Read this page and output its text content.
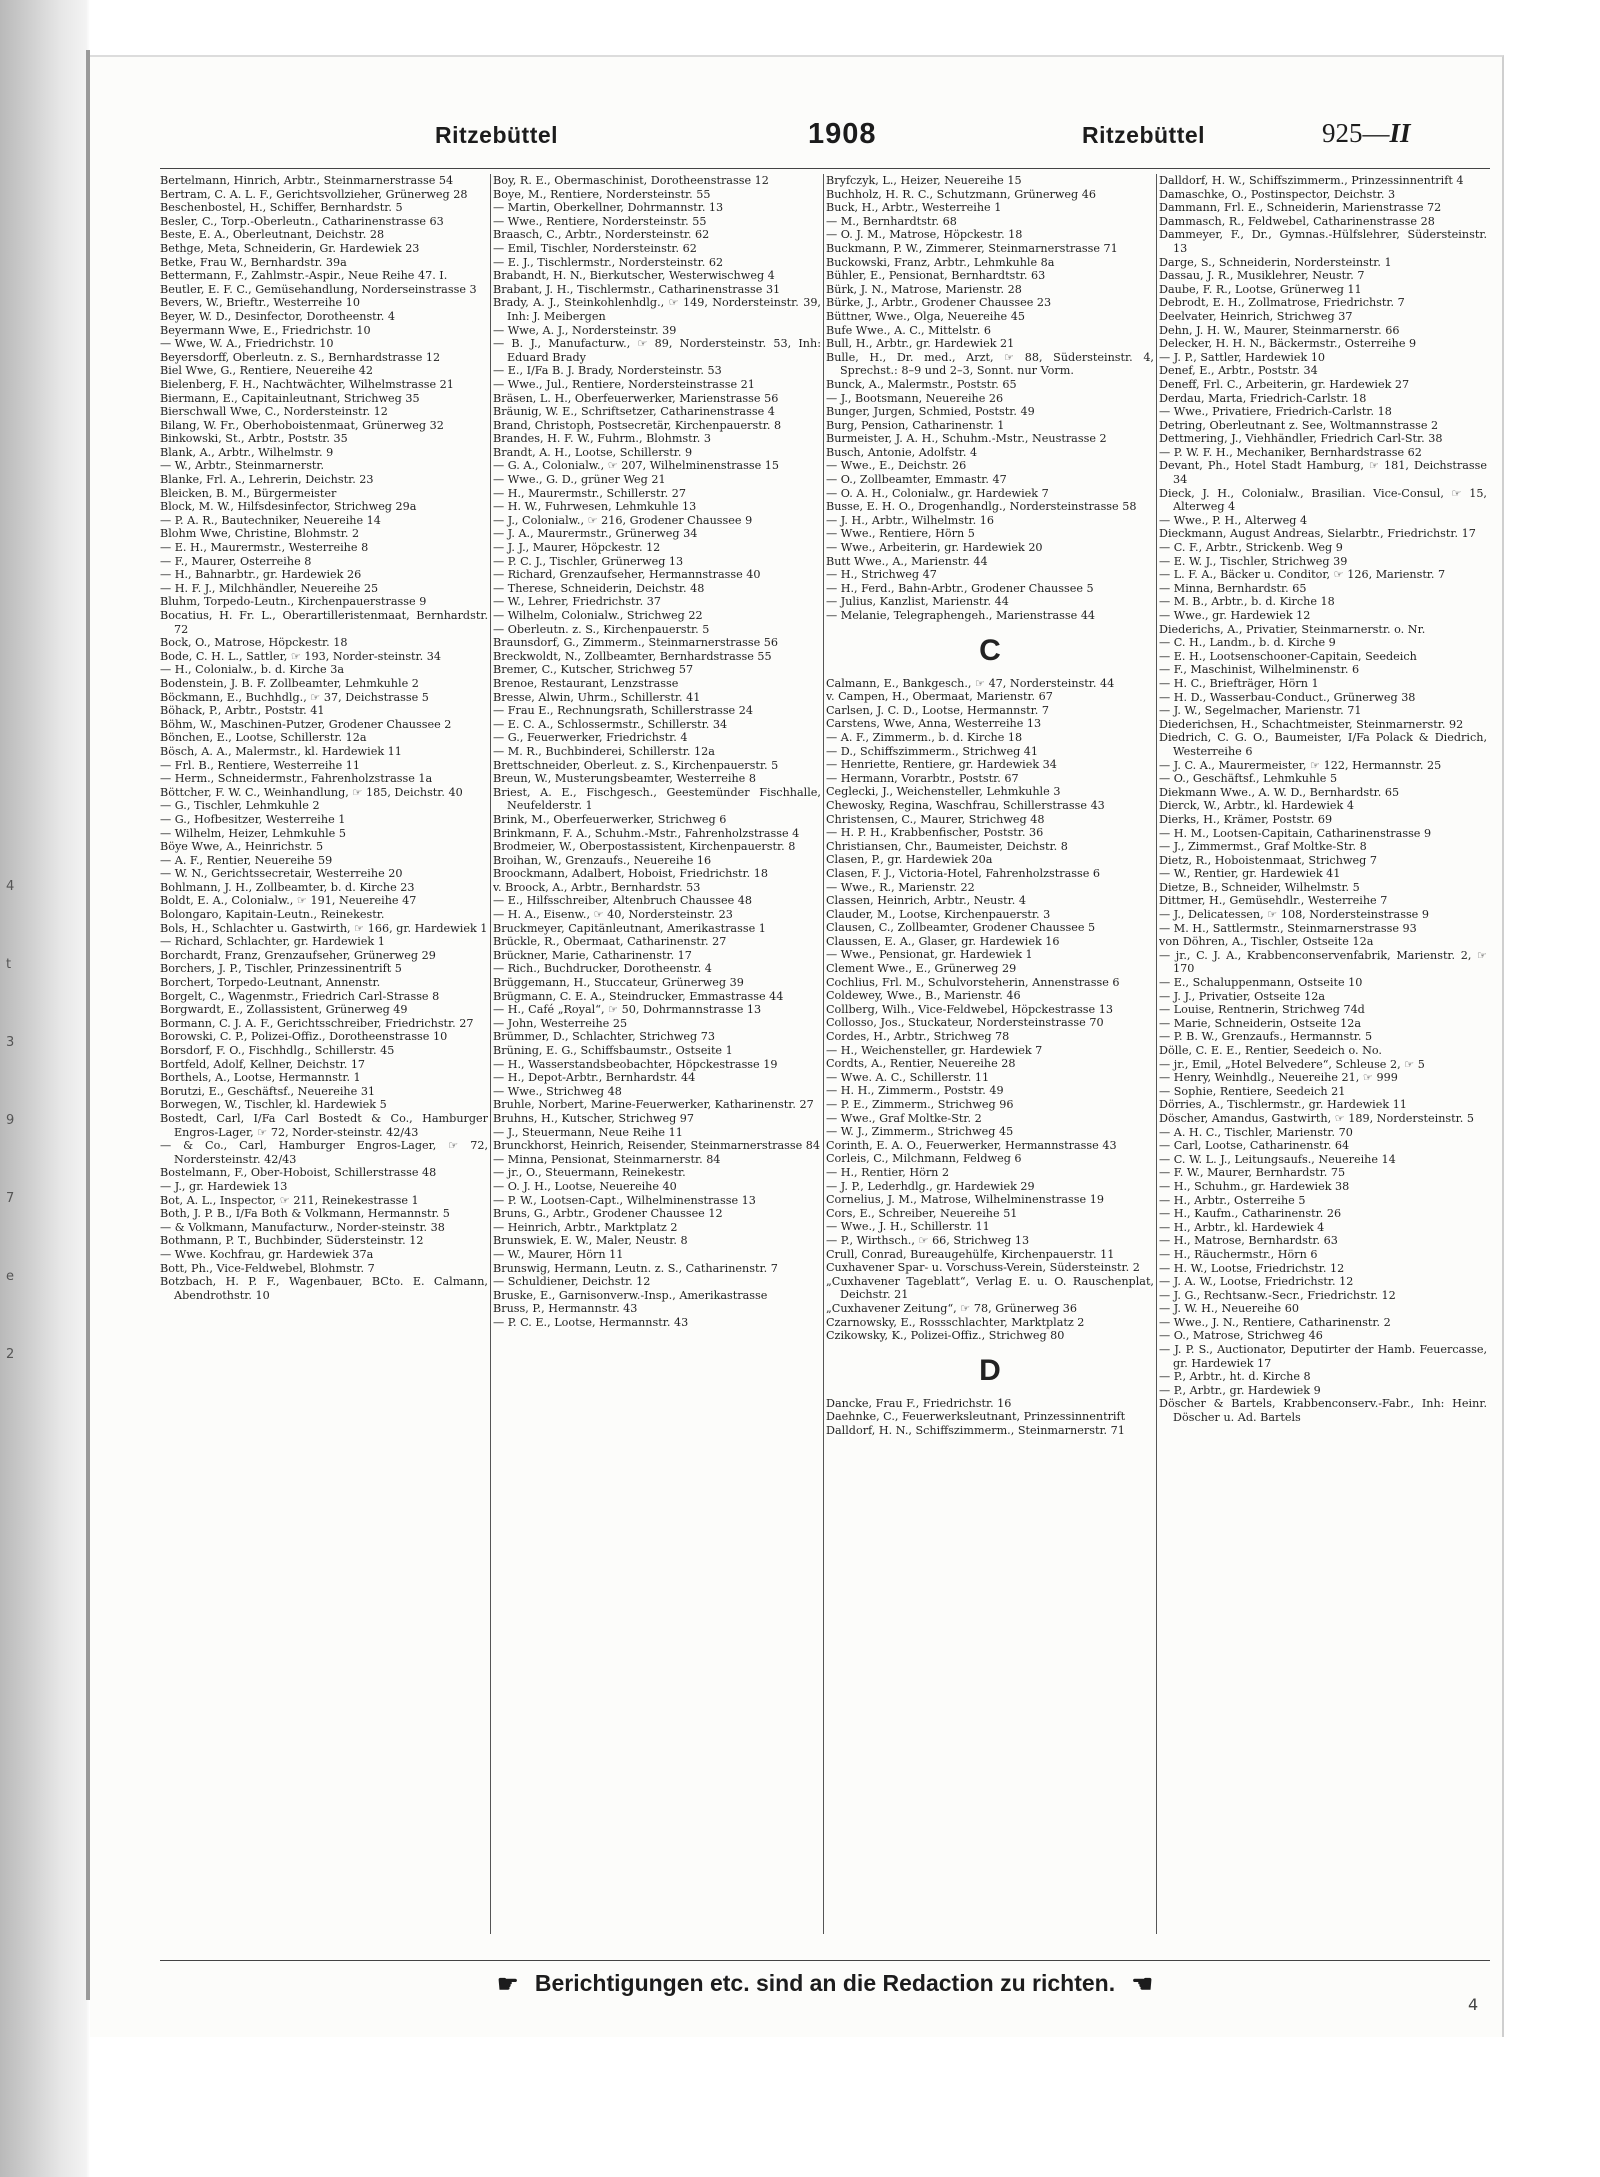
4
t
3
9
7
e
2
Ritzebüttel	1908	Ritzebüttel	925—II

Bertelmann, Hinrich, Arbtr., Steinmarnerstrasse 54

Bertram, C. A. L. F., Gerichtsvollzieher, Grünerweg 28

Beschenbostel, H., Schiffer, Bernhardstr. 5

Besler, C., Torp.-Oberleutn., Catharinenstrasse 63

Beste, E. A., Oberleutnant, Deichstr. 28

Bethge, Meta, Schneiderin, Gr. Hardewiek 23

Betke, Frau W., Bernhardstr. 39a

Bettermann, F., Zahlmstr.-Aspir., Neue Reihe 47. I.

Beutler, E. F. C., Gemüsehandlung, Norderseinstrasse 3

Bevers, W., Brieftr., Westerreihe 10

Beyer, W. D., Desinfector, Dorotheenstr. 4

Beyermann Wwe, E., Friedrichstr. 10

— Wwe, W. A., Friedrichstr. 10

Beyersdorff, Oberleutn. z. S., Bernhardstrasse 12

Biel Wwe, G., Rentiere, Neuereihe 42

Bielenberg, F. H., Nachtwächter, Wilhelmstrasse 21

Biermann, E., Capitainleutnant, Strichweg 35

Bierschwall Wwe, C., Nordersteinstr. 12

Bilang, W. Fr., Oberhoboistenmaat, Grünerweg 32

Binkowski, St., Arbtr., Poststr. 35

Blank, A., Arbtr., Wilhelmstr. 9

— W., Arbtr., Steinmarnerstr.

Blanke, Frl. A., Lehrerin, Deichstr. 23

Bleicken, B. M., Bürgermeister

Block, M. W., Hilfsdesinfector, Strichweg 29a

— P. A. R., Bautechniker, Neuereihe 14

Blohm Wwe, Christine, Blohmstr. 2

— E. H., Maurermstr., Westerreihe 8

— F., Maurer, Osterreihe 8

— H., Bahnarbtr., gr. Hardewiek 26

— H. F. J., Milchhändler, Neuereihe 25

Bluhm, Torpedo-Leutn., Kirchenpauerstrasse 9

Bocatius, H. Fr. L., Oberartilleristenmaat, Bernhardstr. 72

Bock, O., Matrose, Höpckestr. 18

Bode, C. H. L., Sattler, ☞ 193, Norder-steinstr. 34

— H., Colonialw., b. d. Kirche 3a

Bodenstein, J. B. F. Zollbeamter, Lehmkuhle 2

Böckmann, E., Buchhdlg., ☞ 37, Deichstrasse 5

Böhack, P., Arbtr., Poststr. 41

Böhm, W., Maschinen-Putzer, Grodener Chaussee 2

Bönchen, E., Lootse, Schillerstr. 12a

Bösch, A. A., Malermstr., kl. Hardewiek 11

— Frl. B., Rentiere, Westerreihe 11

— Herm., Schneidermstr., Fahrenholzstrasse 1a

Böttcher, F. W. C., Weinhandlung, ☞ 185, Deichstr. 40

— G., Tischler, Lehmkuhle 2

— G., Hofbesitzer, Westerreihe 1

— Wilhelm, Heizer, Lehmkuhle 5

Böye Wwe, A., Heinrichstr. 5

— A. F., Rentier, Neuereihe 59

— W. N., Gerichtssecretair, Westerreihe 20

Bohlmann, J. H., Zollbeamter, b. d. Kirche 23

Boldt, E. A., Colonialw., ☞ 191, Neuereihe 47

Bolongaro, Kapitain-Leutn., Reinekestr.

Bols, H., Schlachter u. Gastwirth, ☞ 166, gr. Hardewiek 1

— Richard, Schlachter, gr. Hardewiek 1

Borchardt, Franz, Grenzaufseher, Grünerweg 29

Borchers, J. P., Tischler, Prinzessinentrift 5

Borchert, Torpedo-Leutnant, Annenstr.

Borgelt, C., Wagenmstr., Friedrich Carl-Strasse 8

Borgwardt, E., Zollassistent, Grünerweg 49

Bormann, C. J. A. F., Gerichtsschreiber, Friedrichstr. 27

Borowski, C. P., Polizei-Offiz., Dorotheenstrasse 10

Borsdorf, F. O., Fischhdlg., Schillerstr. 45

Bortfeld, Adolf, Kellner, Deichstr. 17

Borthels, A., Lootse, Hermannstr. 1

Borutzi, E., Geschäftsf., Neuereihe 31

Borwegen, W., Tischler, kl. Hardewiek 5

Bostedt, Carl, I/Fa Carl Bostedt & Co., Hamburger Engros-Lager, ☞ 72, Norder-steinstr. 42/43

— & Co., Carl, Hamburger Engros-Lager, ☞ 72, Nordersteinstr. 42/43

Bostelmann, F., Ober-Hoboist, Schillerstrasse 48

— J., gr. Hardewiek 13

Bot, A. L., Inspector, ☞ 211, Reinekestrasse 1

Both, J. P. B., I/Fa Both & Volkmann, Hermannstr. 5

— & Volkmann, Manufacturw., Norder-steinstr. 38

Bothmann, P. T., Buchbinder, Südersteinstr. 12

— Wwe. Kochfrau, gr. Hardewiek 37a

Bott, Ph., Vice-Feldwebel, Blohmstr. 7

Botzbach, H. P. F., Wagenbauer, BCto. E. Calmann, Abendrothstr. 10

Boy, R. E., Obermaschinist, Dorotheenstrasse 12

Boye, M., Rentiere, Nordersteinstr. 55

— Martin, Oberkellner, Dohrmannstr. 13

— Wwe., Rentiere, Nordersteinstr. 55

Braasch, C., Arbtr., Nordersteinstr. 62

— Emil, Tischler, Nordersteinstr. 62

— E. J., Tischlermstr., Nordersteinstr. 62

Brabandt, H. N., Bierkutscher, Westerwischweg 4

Brabant, J. H., Tischlermstr., Catharinenstrasse 31

Brady, A. J., Steinkohlenhdlg., ☞ 149, Nordersteinstr. 39, Inh: J. Meibergen

— Wwe, A. J., Nordersteinstr. 39

— B. J., Manufacturw., ☞ 89, Nordersteinstr. 53, Inh: Eduard Brady

— E., I/Fa B. J. Brady, Nordersteinstr. 53

— Wwe., Jul., Rentiere, Nordersteinstrasse 21

Bräsen, L. H., Oberfeuerwerker, Marienstrasse 56

Bräunig, W. E., Schriftsetzer, Catharinenstrasse 4

Brand, Christoph, Postsecretär, Kirchenpauerstr. 8

Brandes, H. F. W., Fuhrm., Blohmstr. 3

Brandt, A. H., Lootse, Schillerstr. 9

— G. A., Colonialw., ☞ 207, Wilhelminenstrasse 15

— Wwe., G. D., grüner Weg 21

— H., Maurermstr., Schillerstr. 27

— H. W., Fuhrwesen, Lehmkuhle 13

— J., Colonialw., ☞ 216, Grodener Chaussee 9

— J. A., Maurermstr., Grünerweg 34

— J. J., Maurer, Höpckestr. 12

— P. C. J., Tischler, Grünerweg 13

— Richard, Grenzaufseher, Hermannstrasse 40

— Therese, Schneiderin, Deichstr. 48

— W., Lehrer, Friedrichstr. 37

— Wilhelm, Colonialw., Strichweg 22

— Oberleutn. z. S., Kirchenpauerstr. 5

Braunsdorf, G., Zimmerm., Steinmarnerstrasse 56

Breckwoldt, N., Zollbeamter, Bernhardstrasse 55

Bremer, C., Kutscher, Strichweg 57

Brenoe, Restaurant, Lenzstrasse

Bresse, Alwin, Uhrm., Schillerstr. 41

— Frau E., Rechnungsrath, Schillerstrasse 24

— E. C. A., Schlossermstr., Schillerstr. 34

— G., Feuerwerker, Friedrichstr. 4

— M. R., Buchbinderei, Schillerstr. 12a

Brettschneider, Oberleut. z. S., Kirchenpauerstr. 5

Breun, W., Musterungsbeamter, Westerreihe 8

Briest, A. E., Fischgesch., Geestemünder Fischhalle, Neufelderstr. 1

Brink, M., Oberfeuerwerker, Strichweg 6

Brinkmann, F. A., Schuhm.-Mstr., Fahrenholzstrasse 4

Brodmeier, W., Oberpostassistent, Kirchenpauerstr. 8

Broihan, W., Grenzaufs., Neuereihe 16

Broockmann, Adalbert, Hoboist, Friedrichstr. 18

v. Broock, A., Arbtr., Bernhardstr. 53

— E., Hilfsschreiber, Altenbruch Chaussee 48

— H. A., Eisenw., ☞ 40, Nordersteinstr. 23

Bruckmeyer, Capitänleutnant, Amerikastrasse 1

Brückle, R., Obermaat, Catharinenstr. 27

Brückner, Marie, Catharinenstr. 17

— Rich., Buchdrucker, Dorotheenstr. 4

Brüggemann, H., Stuccateur, Grünerweg 39

Brügmann, C. E. A., Steindrucker, Emmastrasse 44

— H., Café „Royal“, ☞ 50, Dohrmannstrasse 13

— John, Westerreihe 25

Brümmer, D., Schlachter, Strichweg 73

Brüning, E. G., Schiffsbaumstr., Ostseite 1

— H., Wasserstandsbeobachter, Höpckestrasse 19

— H., Depot-Arbtr., Bernhardstr. 44

— Wwe., Strichweg 48

Bruhle, Norbert, Marine-Feuerwerker, Katharinenstr. 27

Bruhns, H., Kutscher, Strichweg 97

— J., Steuermann, Neue Reihe 11

Brunckhorst, Heinrich, Reisender, Steinmarnerstrasse 84

— Minna, Pensionat, Steinmarnerstr. 84

— jr., O., Steuermann, Reinekestr.

— O. J. H., Lootse, Neuereihe 40

— P. W., Lootsen-Capt., Wilhelminenstrasse 13

Bruns, G., Arbtr., Grodener Chaussee 12

— Heinrich, Arbtr., Marktplatz 2

Brunswiek, E. W., Maler, Neustr. 8

— W., Maurer, Hörn 11

Brunswig, Hermann, Leutn. z. S., Catharinenstr. 7

— Schuldiener, Deichstr. 12

Bruske, E., Garnisonverw.-Insp., Amerikastrasse

Bruss, P., Hermannstr. 43

— P. C. E., Lootse, Hermannstr. 43

Bryfczyk, L., Heizer, Neuereihe 15

Buchholz, H. R. C., Schutzmann, Grünerweg 46

Buck, H., Arbtr., Westerreihe 1

— M., Bernhardtstr. 68

— O. J. M., Matrose, Höpckestr. 18

Buckmann, P. W., Zimmerer, Steinmarnerstrasse 71

Buckowski, Franz, Arbtr., Lehmkuhle 8a

Bühler, E., Pensionat, Bernhardtstr. 63

Bürk, J. N., Matrose, Marienstr. 28

Bürke, J., Arbtr., Grodener Chaussee 23

Büttner, Wwe., Olga, Neuereihe 45

Bufe Wwe., A. C., Mittelstr. 6

Bull, H., Arbtr., gr. Hardewiek 21

Bulle, H., Dr. med., Arzt, ☞ 88, Südersteinstr. 4, Sprechst.: 8–9 und 2–3, Sonnt. nur Vorm.

Bunck, A., Malermstr., Poststr. 65

— J., Bootsmann, Neuereihe 26

Bunger, Jurgen, Schmied, Poststr. 49

Burg, Pension, Catharinenstr. 1

Burmeister, J. A. H., Schuhm.-Mstr., Neustrasse 2

Busch, Antonie, Adolfstr. 4

— Wwe., E., Deichstr. 26

— O., Zollbeamter, Emmastr. 47

— O. A. H., Colonialw., gr. Hardewiek 7

Busse, E. H. O., Drogenhandlg., Nordersteinstrasse 58

— J. H., Arbtr., Wilhelmstr. 16

— Wwe., Rentiere, Hörn 5

— Wwe., Arbeiterin, gr. Hardewiek 20

Butt Wwe., A., Marienstr. 44

— H., Strichweg 47

— H., Ferd., Bahn-Arbtr., Grodener Chaussee 5

— Julius, Kanzlist, Marienstr. 44

— Melanie, Telegraphengeh., Marienstrasse 44

C

Calmann, E., Bankgesch., ☞ 47, Nordersteinstr. 44

v. Campen, H., Obermaat, Marienstr. 67

Carlsen, J. C. D., Lootse, Hermannstr. 7

Carstens, Wwe, Anna, Westerreihe 13

— A. F., Zimmerm., b. d. Kirche 18

— D., Schiffszimmerm., Strichweg 41

— Henriette, Rentiere, gr. Hardewiek 34

— Hermann, Vorarbtr., Poststr. 67

Ceglecki, J., Weichensteller, Lehmkuhle 3

Chewosky, Regina, Waschfrau, Schillerstrasse 43

Christensen, C., Maurer, Strichweg 48

— H. P. H., Krabbenfischer, Poststr. 36

Christiansen, Chr., Baumeister, Deichstr. 8

Clasen, P., gr. Hardewiek 20a

Clasen, F. J., Victoria-Hotel, Fahrenholzstrasse 6

— Wwe., R., Marienstr. 22

Classen, Heinrich, Arbtr., Neustr. 4

Clauder, M., Lootse, Kirchenpauerstr. 3

Clausen, C., Zollbeamter, Grodener Chaussee 5

Claussen, E. A., Glaser, gr. Hardewiek 16

— Wwe., Pensionat, gr. Hardewiek 1

Clement Wwe., E., Grünerweg 29

Cochlius, Frl. M., Schulvorsteherin, Annenstrasse 6

Coldewey, Wwe., B., Marienstr. 46

Collberg, Wilh., Vice-Feldwebel, Höpckestrasse 13

Collosso, Jos., Stuckateur, Nordersteinstrasse 70

Cordes, H., Arbtr., Strichweg 78

— H., Weichensteller, gr. Hardewiek 7

Cordts, A., Rentier, Neuereihe 28

— Wwe. A. C., Schillerstr. 11

— H. H., Zimmerm., Poststr. 49

— P. E., Zimmerm., Strichweg 96

— Wwe., Graf Moltke-Str. 2

— W. J., Zimmerm., Strichweg 45

Corinth, E. A. O., Feuerwerker, Hermannstrasse 43

Corleis, C., Milchmann, Feldweg 6

— H., Rentier, Hörn 2

— J. P., Lederhdlg., gr. Hardewiek 29

Cornelius, J. M., Matrose, Wilhelminenstrasse 19

Cors, E., Schreiber, Neuereihe 51

— Wwe., J. H., Schillerstr. 11

— P., Wirthsch., ☞ 66, Strichweg 13

Crull, Conrad, Bureaugehülfe, Kirchenpauerstr. 11

Cuxhavener Spar- u. Vorschuss-Verein, Südersteinstr. 2

„Cuxhavener Tageblatt“, Verlag E. u. O. Rauschenplat, Deichstr. 21

„Cuxhavener Zeitung“, ☞ 78, Grünerweg 36

Czarnowsky, E., Rossschlachter, Marktplatz 2

Czikowsky, K., Polizei-Offiz., Strichweg 80

D

Dancke, Frau F., Friedrichstr. 16

Daehnke, C., Feuerwerksleutnant, Prinzessinnentrift

Dalldorf, H. N., Schiffszimmerm., Steinmarnerstr. 71

Dalldorf, H. W., Schiffszimmerm., Prinzessinnentrift 4

Damaschke, O., Postinspector, Deichstr. 3

Dammann, Frl. E., Schneiderin, Marienstrasse 72

Dammasch, R., Feldwebel, Catharinenstrasse 28

Dammeyer, F., Dr., Gymnas.-Hülfslehrer, Südersteinstr. 13

Darge, S., Schneiderin, Nordersteinstr. 1

Dassau, J. R., Musiklehrer, Neustr. 7

Daube, F. R., Lootse, Grünerweg 11

Debrodt, E. H., Zollmatrose, Friedrichstr. 7

Deelvater, Heinrich, Strichweg 37

Dehn, J. H. W., Maurer, Steinmarnerstr. 66

Delecker, H. H. N., Bäckermstr., Osterreihe 9

— J. P., Sattler, Hardewiek 10

Denef, E., Arbtr., Poststr. 34

Deneff, Frl. C., Arbeiterin, gr. Hardewiek 27

Derdau, Marta, Friedrich-Carlstr. 18

— Wwe., Privatiere, Friedrich-Carlstr. 18

Detring, Oberleutnant z. See, Woltmannstrasse 2

Dettmering, J., Viehhändler, Friedrich Carl-Str. 38

— P. W. F. H., Mechaniker, Bernhardstrasse 62

Devant, Ph., Hotel Stadt Hamburg, ☞ 181, Deichstrasse 34

Dieck, J. H., Colonialw., Brasilian. Vice-Consul, ☞ 15, Alterweg 4

— Wwe., P. H., Alterweg 4

Dieckmann, August Andreas, Sielarbtr., Friedrichstr. 17

— C. F., Arbtr., Strickenb. Weg 9

— E. W. J., Tischler, Strichweg 39

— L. F. A., Bäcker u. Conditor, ☞ 126, Marienstr. 7

— Minna, Bernhardstr. 65

— M. B., Arbtr., b. d. Kirche 18

— Wwe., gr. Hardewiek 12

Diederichs, A., Privatier, Steinmarnerstr. o. Nr.

— C. H., Landm., b. d. Kirche 9

— E. H., Lootsenschooner-Capitain, Seedeich

— F., Maschinist, Wilhelminenstr. 6

— H. C., Briefträger, Hörn 1

— H. D., Wasserbau-Conduct., Grünerweg 38

— J. W., Segelmacher, Marienstr. 71

Diederichsen, H., Schachtmeister, Steinmarnerstr. 92

Diedrich, C. G. O., Baumeister, I/Fa Polack & Diedrich, Westerreihe 6

— J. C. A., Maurermeister, ☞ 122, Hermannstr. 25

— O., Geschäftsf., Lehmkuhle 5

Diekmann Wwe., A. W. D., Bernhardstr. 65

Dierck, W., Arbtr., kl. Hardewiek 4

Dierks, H., Krämer, Poststr. 69

— H. M., Lootsen-Capitain, Catharinenstrasse 9

— J., Zimmermst., Graf Moltke-Str. 8

Dietz, R., Hoboistenmaat, Strichweg 7

— W., Rentier, gr. Hardewiek 41

Dietze, B., Schneider, Wilhelmstr. 5

Dittmer, H., Gemüsehdlr., Westerreihe 7

— J., Delicatessen, ☞ 108, Nordersteinstrasse 9

— M. H., Sattlermstr., Steinmarnerstrasse 93

von Döhren, A., Tischler, Ostseite 12a

— jr., C. J. A., Krabbenconservenfabrik, Marienstr. 2, ☞ 170

— E., Schaluppenmann, Ostseite 10

— J. J., Privatier, Ostseite 12a

— Louise, Rentnerin, Strichweg 74d

— Marie, Schneiderin, Ostseite 12a

— P. B. W., Grenzaufs., Hermannstr. 5

Dölle, C. E. E., Rentier, Seedeich o. No.

— jr., Emil, „Hotel Belvedere“, Schleuse 2, ☞ 5

— Henry, Weinhdlg., Neuereihe 21, ☞ 999

— Sophie, Rentiere, Seedeich 21

Dörries, A., Tischlermstr., gr. Hardewiek 11

Döscher, Amandus, Gastwirth, ☞ 189, Nordersteinstr. 5

— A. H. C., Tischler, Marienstr. 70

— Carl, Lootse, Catharinenstr. 64

— C. W. L. J., Leitungsaufs., Neuereihe 14

— F. W., Maurer, Bernhardstr. 75

— H., Schuhm., gr. Hardewiek 38

— H., Arbtr., Osterreihe 5

— H., Kaufm., Catharinenstr. 26

— H., Arbtr., kl. Hardewiek 4

— H., Matrose, Bernhardstr. 63

— H., Räuchermstr., Hörn 6

— H. W., Lootse, Friedrichstr. 12

— J. A. W., Lootse, Friedrichstr. 12

— J. G., Rechtsanw.-Secr., Friedrichstr. 12

— J. W. H., Neuereihe 60

— Wwe., J. N., Rentiere, Catharinenstr. 2

— O., Matrose, Strichweg 46

— J. P. S., Auctionator, Deputirter der Hamb. Feuercasse, gr. Hardewiek 17

— P., Arbtr., ht. d. Kirche 8

— P., Arbtr., gr. Hardewiek 9

Döscher & Bartels, Krabbenconserv.-Fabr., Inh: Heinr. Döscher u. Ad. Bartels

☛ Berichtigungen etc. sind an die Redaction zu richten. ☚
4
